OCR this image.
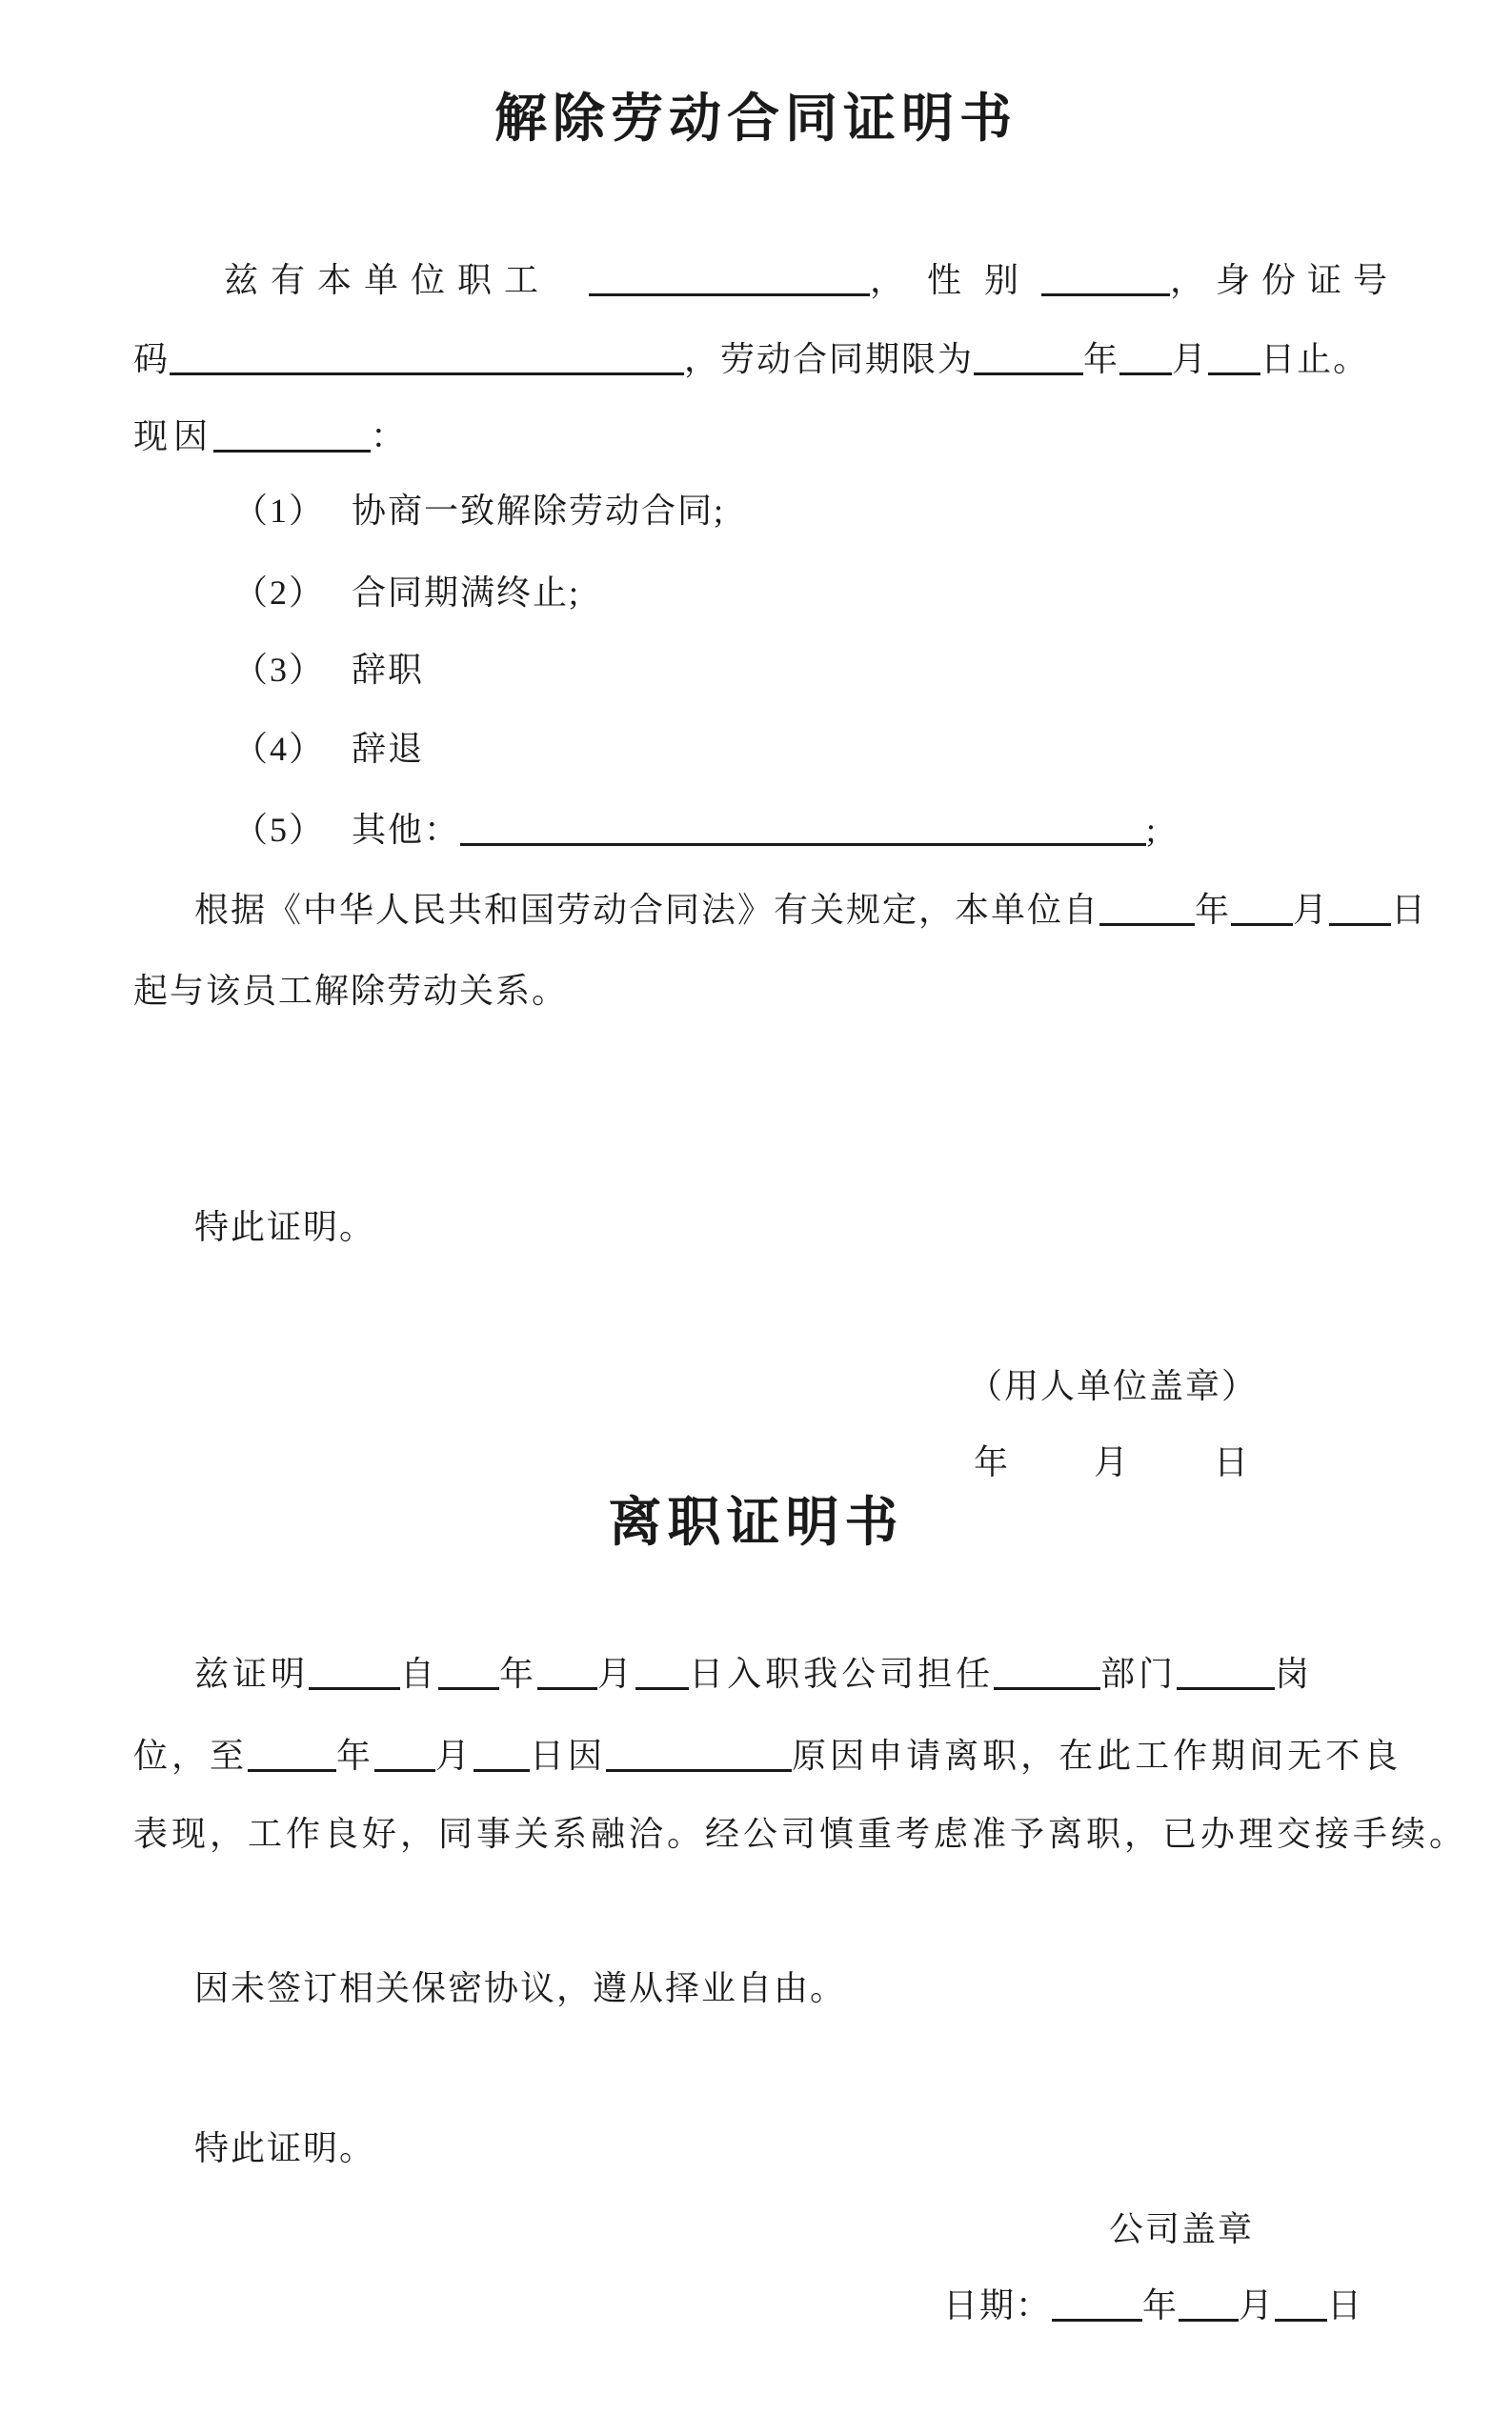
解除劳动合同证明书
兹有本单位职工	，性别	，身份证号
码	，劳动合同期限为	年 月 日止。
现因	：
（1） 协商一致解除劳动合同;
（2） 合同期满终止;
（3） 辞职
（4） 辞退
（5） 其他：	;
根据《中华人民共和国劳动合同法》有关规定，本单位自	年 月 日
起与该员工解除劳动关系。
特此证明。
（用人单位盖章）
年　　月　　日
离职证明书
兹证明	自 年 月 日入职我公司担任	部门	岗
位，至	年 月 日因	原因申请离职，在此工作期间无不良
表现，工作良好，同事关系融洽。经公司慎重考虑准予离职，已办理交接手续。
因未签订相关保密协议，遵从择业自由。
特此证明。
公司盖章
日期：	年 月 日
